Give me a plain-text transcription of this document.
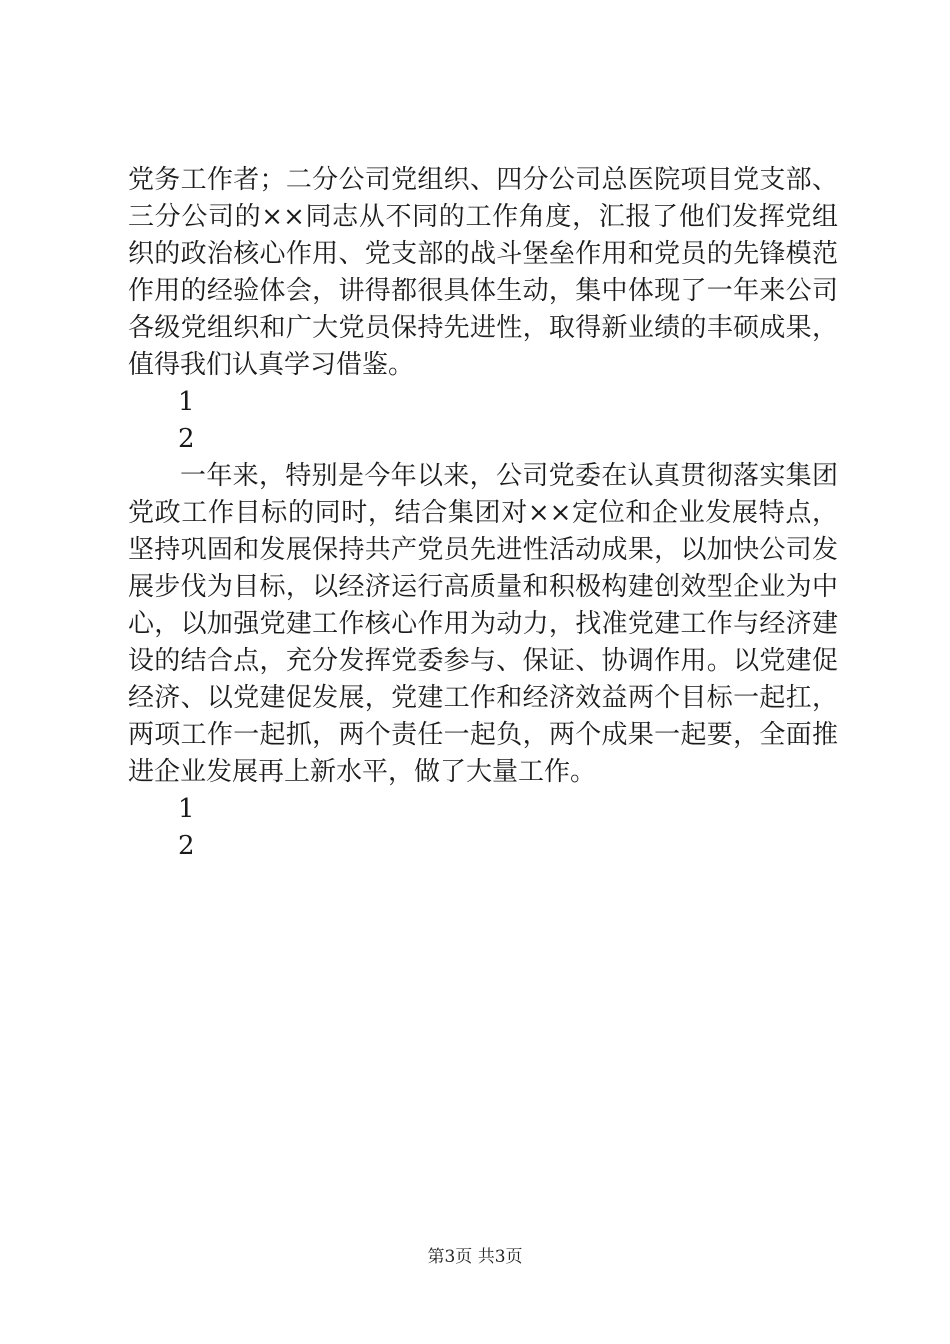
党务工作者；二分公司党组织、四分公司总医院项目党支部、
三分公司的××同志从不同的工作角度，汇报了他们发挥党组
织的政治核心作用、党支部的战斗堡垒作用和党员的先锋模范
作用的经验体会，讲得都很具体生动，集中体现了一年来公司
各级党组织和广大党员保持先进性，取得新业绩的丰硕成果，
值得我们认真学习借鉴。
1
2
一年来，特别是今年以来，公司党委在认真贯彻落实集团
党政工作目标的同时，结合集团对××定位和企业发展特点，
坚持巩固和发展保持共产党员先进性活动成果，以加快公司发
展步伐为目标，以经济运行高质量和积极构建创效型企业为中
心，以加强党建工作核心作用为动力，找准党建工作与经济建
设的结合点，充分发挥党委参与、保证、协调作用。以党建促
经济、以党建促发展，党建工作和经济效益两个目标一起扛，
两项工作一起抓，两个责任一起负，两个成果一起要，全面推
进企业发展再上新水平，做了大量工作。
1
2
第3页 共3页
